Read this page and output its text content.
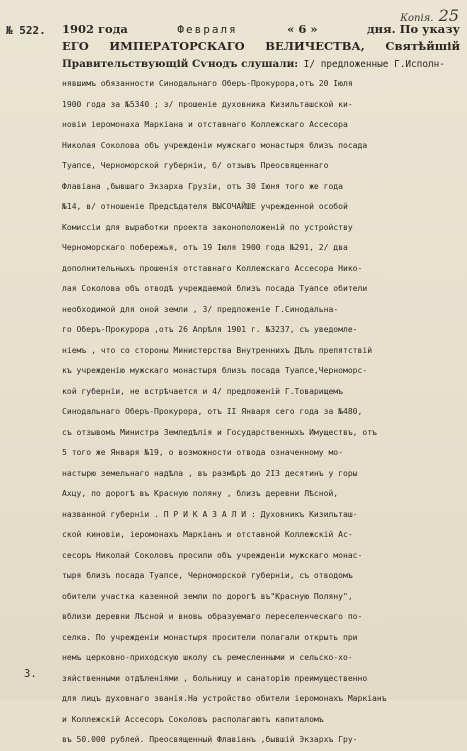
Копія. 25
№ 522. 1902 года	Февраля	« 6 »	дня. По указу
ЕГО ИМПЕРАТОРСКАГО ВЕЛИЧЕСТВА, Святѣйшій
Правительствующій Сѵнодъ слушали: I/ предложенные Г.Исполн-
нявшимъ обязанности Синодальнаго Оберъ-Прокурора,отъ 20 Іюля
1900 года за №5340 ; з/ прошеніе духовника Кизильташской ки-
новіи іеромонаха Маркіана и отставнаго Коллежскаго Ассесора
Николая Соколова объ учрежденіи мужскаго монастыря близъ посада
Туапсе, Черноморской губерніи, б/ отзывъ Преосвященнаго
Флавіана ,бывшаго Экзарха Грузіи, отъ 30 Іюня того же года
№14, в/ отношеніе Предсѣдателя ВЫСОЧАЙШЕ учрежденной особой
Комиссіи для выработки проекта законоположеній по устройству
Черноморскаго побережья, отъ 19 Іюля 1900 года №291, 2/ два
дополнительныхъ прошенія отставнаго Коллежскаго Ассесора Нико-
лая Соколова объ отводѣ учреждаемой близъ посада Туапсе обители
необходимой для оной земли , 3/ предложеніе Г.Синодальна-
го Оберъ-Прокурора ,отъ 26 Апрѣля 1901 г. №3237, съ уведомле-
ніемъ , что со стороны Министерства Внутреннихъ Дѣлъ препятствій
къ учрежденію мужскаго монастыря близъ посада Туапсе,Черноморс-
кой губерніи, не встрѣчается и 4/ предложеній Г.Товарищемъ
Синодальнаго Оберъ-Прокурора, отъ II Января сего года за №480,
съ отзывомъ Министра Земледѣлія и Государственныхъ Имуществъ, отъ
5 того же Января №19, о возможности отвода означенному мо-
настырю земельнаго надѣла , въ размѣрѣ до 2I3 десятинъ у горы
Ахцу, по дорогѣ въ Красную поляну , близъ деревни Лѣсной,
названной губерніи . П Р И К А З А Л И : Духовникъ Кизильташ-
ской киновіи, іеромонахъ Маркіанъ и отставной Коллежскій Ас-
сесоръ Николай Соколовъ просили объ учрежденіи мужскаго монас-
тыря близъ посада Туапсе, Черноморской губерніи, съ отводомъ
обители участка казенной земли по дорогѣ въ"Красную Поляну",
вблизи деревни Лѣсной и вновь образуемаго переселенческаго по-
селка. По учрежденіи монастыря просители полагали открыть при
немъ церковно-приходскую школу съ ремесленными и сельско-хо-
зяйственными отдѣленіями , больницу и санаторію преимущественно
для лицъ духовнаго званія.На устройство обители іеромонахъ Маркіанъ
и Коллежскій Ассесоръ Соколовъ располагаютъ капиталомъ
въ 50.000 рублей. Преосвященный Флавіанъ ,бывшій Экзархъ Гру-
3.
